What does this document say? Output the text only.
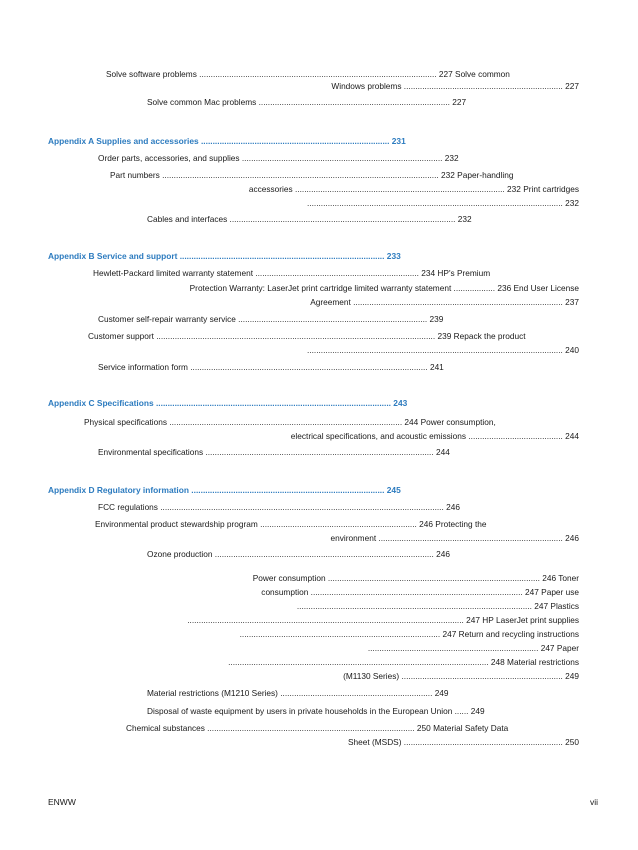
Solve software problems ....................................................................................................... 227 Solve common
Windows problems ..................................................................... 227
Solve common Mac problems ................................................................................... 227
Appendix A Supplies and accessories ................................................................................. 231
Order parts, accessories, and supplies ....................................................................................... 232
Part numbers ........................................................................................................................ 232 Paper-handling
accessories ........................................................................................... 232 Print cartridges
............................................................................................................... 232
Cables and interfaces .................................................................................................. 232
Appendix B Service and support ........................................................................................ 233
Hewlett-Packard limited warranty statement ....................................................................... 234 HP's Premium
Protection Warranty: LaserJet print cartridge limited warranty statement .................. 236 End User License
Agreement ........................................................................................... 237
Customer self-repair warranty service .................................................................................. 239
Customer support ......................................................................................................................... 239 Repack the product
............................................................................................................... 240
Service information form ....................................................................................................... 241
Appendix C Specifications ..................................................................................................... 243
Physical specifications ..................................................................................................... 244 Power consumption,
electrical specifications, and acoustic emissions ......................................... 244
Environmental specifications ................................................................................................... 244
Appendix D Regulatory information ................................................................................... 245
FCC regulations ........................................................................................................................... 246
Environmental product stewardship program .................................................................... 246 Protecting the
environment ................................................................................ 246
Ozone production ............................................................................................... 246
Power consumption ............................................................................................ 246 Toner
consumption ............................................................................................ 247 Paper use
...................................................................................................... 247 Plastics
........................................................................................................................ 247 HP LaserJet print supplies
....................................................................................... 247 Return and recycling instructions
.......................................................................... 247 Paper
................................................................................................................. 248 Material restrictions
(M1130 Series) ...................................................................... 249
Material restrictions (M1210 Series) .................................................................. 249
Disposal of waste equipment by users in private households in the European Union ...... 249
Chemical substances .......................................................................................... 250 Material Safety Data
Sheet (MSDS) ..................................................................... 250
ENWW	vii
